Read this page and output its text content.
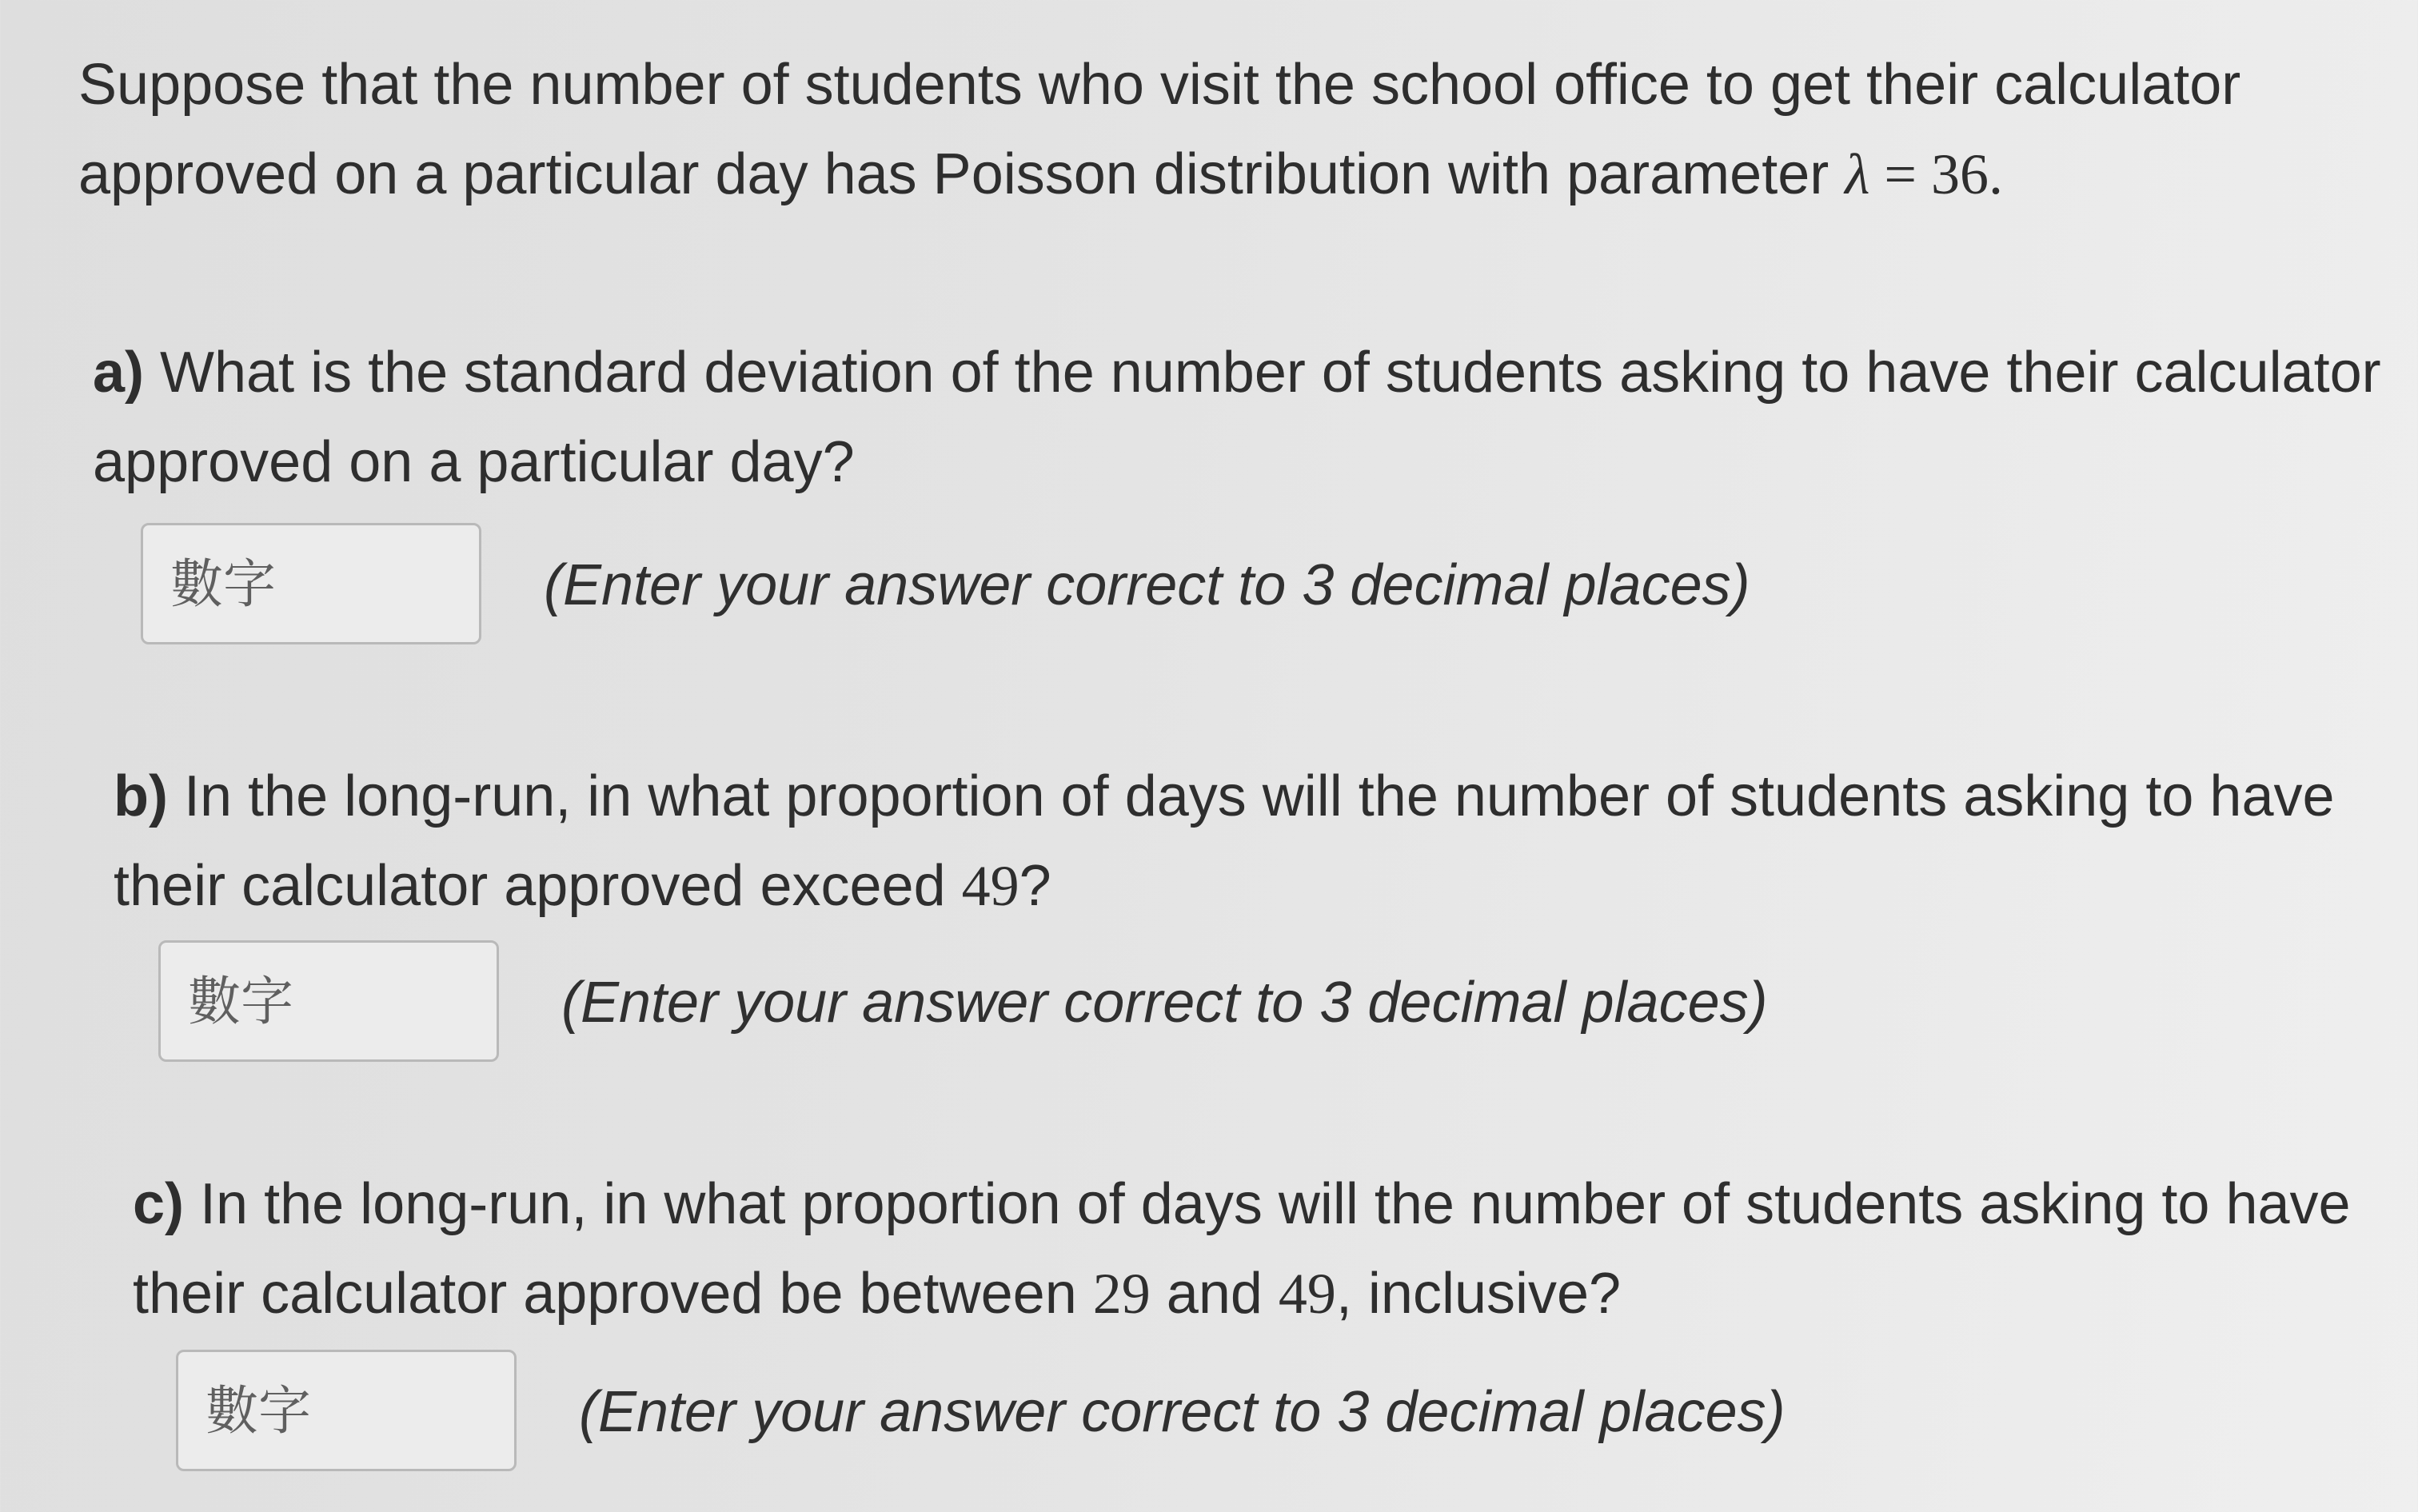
Suppose that the number of students who visit the school office to get their calculator approved on a particular day has Poisson distribution with parameter λ = 36.
a) What is the standard deviation of the number of students asking to have their calculator approved on a particular day?
數字
(Enter your answer correct to 3 decimal places)
b) In the long-run, in what proportion of days will the number of students asking to have their calculator approved exceed 49?
數字
(Enter your answer correct to 3 decimal places)
c) In the long-run, in what proportion of days will the number of students asking to have their calculator approved be between 29 and 49, inclusive?
數字
(Enter your answer correct to 3 decimal places)
